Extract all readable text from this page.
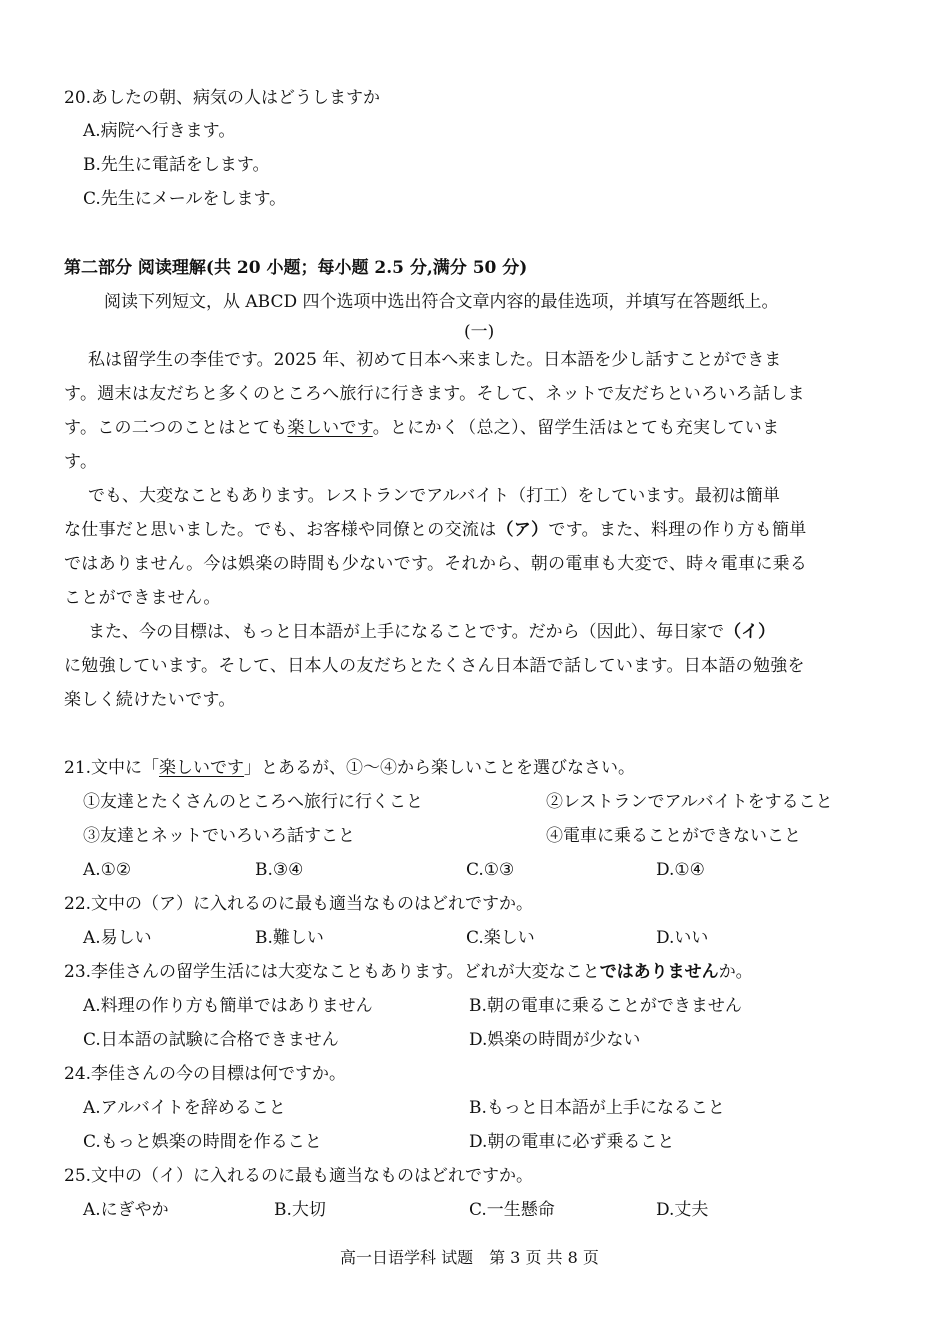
20.あしたの朝、病気の人はどうしますか
A.病院へ行きます。
B.先生に電話をします。
C.先生にメールをします。
第二部分 阅读理解(共 20 小题；每小题 2.5 分,满分 50 分)
阅读下列短文，从 ABCD 四个选项中选出符合文章内容的最佳选项，并填写在答题纸上。
(一)
私は留学生の李佳です。2025 年、初めて日本へ来ました。日本語を少し話すことができま
す。週末は友だちと多くのところへ旅行に行きます。そして、ネットで友だちといろいろ話しま
す。この二つのことはとても楽しいです。とにかく（总之）、留学生活はとても充実していま
す。
でも、大変なこともあります。レストランでアルバイト（打工）をしています。最初は簡単
な仕事だと思いました。でも、お客様や同僚との交流は（ア）です。また、料理の作り方も簡単
ではありません。今は娯楽の時間も少ないです。それから、朝の電車も大変で、時々電車に乗る
ことができません。
また、今の目標は、もっと日本語が上手になることです。だから（因此）、毎日家で（イ）
に勉強しています。そして、日本人の友だちとたくさん日本語で話しています。日本語の勉強を
楽しく続けたいです。
21.文中に「楽しいです」とあるが、①～④から楽しいことを選びなさい。
①友達とたくさんのところへ旅行に行くこと	②レストランでアルバイトをすること
③友達とネットでいろいろ話すこと	④電車に乗ることができないこと
A.①②	B.③④	C.①③	D.①④
22.文中の（ア）に入れるのに最も適当なものはどれですか。
A.易しい	B.難しい	C.楽しい	D.いい
23.李佳さんの留学生活には大変なこともあります。どれが大変なことではありませんか。
A.料理の作り方も簡単ではありません	B.朝の電車に乗ることができません
C.日本語の試験に合格できません	D.娯楽の時間が少ない
24.李佳さんの今の目標は何ですか。
A.アルバイトを辞めること	B.もっと日本語が上手になること
C.もっと娯楽の時間を作ること	D.朝の電車に必ず乗ること
25.文中の（イ）に入れるのに最も適当なものはどれですか。
A.にぎやか	B.大切	C.一生懸命	D.丈夫
高一日语学科 试题　第 3 页 共 8 页
